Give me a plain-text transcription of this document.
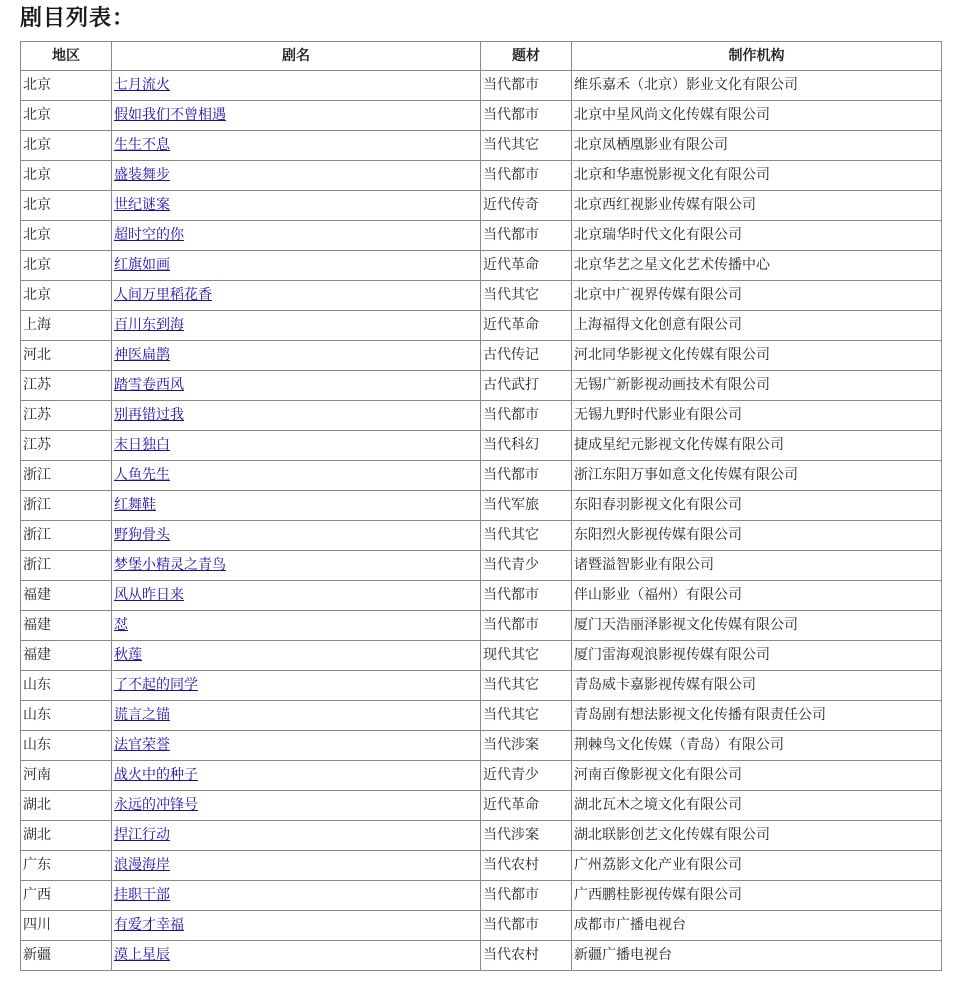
剧目列表：
地区	剧名	题材	制作机构
北京	七月流火	当代都市	维乐嘉禾（北京）影业文化有限公司
北京	假如我们不曾相遇	当代都市	北京中星风尚文化传媒有限公司
北京	生生不息	当代其它	北京凤栖凰影业有限公司
北京	盛装舞步	当代都市	北京和华惠悦影视文化有限公司
北京	世纪谜案	近代传奇	北京西红视影业传媒有限公司
北京	超时空的你	当代都市	北京瑞华时代文化有限公司
北京	红旗如画	近代革命	北京华艺之星文化艺术传播中心
北京	人间万里稻花香	当代其它	北京中广视界传媒有限公司
上海	百川东到海	近代革命	上海福得文化创意有限公司
河北	神医扁鹊	古代传记	河北同华影视文化传媒有限公司
江苏	踏雪卷西风	古代武打	无锡广新影视动画技术有限公司
江苏	别再错过我	当代都市	无锡九野时代影业有限公司
江苏	末日独白	当代科幻	捷成星纪元影视文化传媒有限公司
浙江	人鱼先生	当代都市	浙江东阳万事如意文化传媒有限公司
浙江	红舞鞋	当代军旅	东阳春羽影视文化有限公司
浙江	野狗骨头	当代其它	东阳烈火影视传媒有限公司
浙江	梦堡小精灵之青鸟	当代青少	诸暨溢智影业有限公司
福建	风从昨日来	当代都市	伴山影业（福州）有限公司
福建	怼	当代都市	厦门天浩丽泽影视文化传媒有限公司
福建	秋莲	现代其它	厦门雷海观浪影视传媒有限公司
山东	了不起的同学	当代其它	青岛威卡嘉影视传媒有限公司
山东	谎言之锚	当代其它	青岛剧有想法影视文化传播有限责任公司
山东	法官荣誉	当代涉案	荆棘鸟文化传媒（青岛）有限公司
河南	战火中的种子	近代青少	河南百像影视文化有限公司
湖北	永远的冲锋号	近代革命	湖北瓦木之境文化有限公司
湖北	捍江行动	当代涉案	湖北联影创艺文化传媒有限公司
广东	浪漫海岸	当代农村	广州荔影文化产业有限公司
广西	挂职干部	当代都市	广西鹏桂影视传媒有限公司
四川	有爱才幸福	当代都市	成都市广播电视台
新疆	漠上星辰	当代农村	新疆广播电视台
